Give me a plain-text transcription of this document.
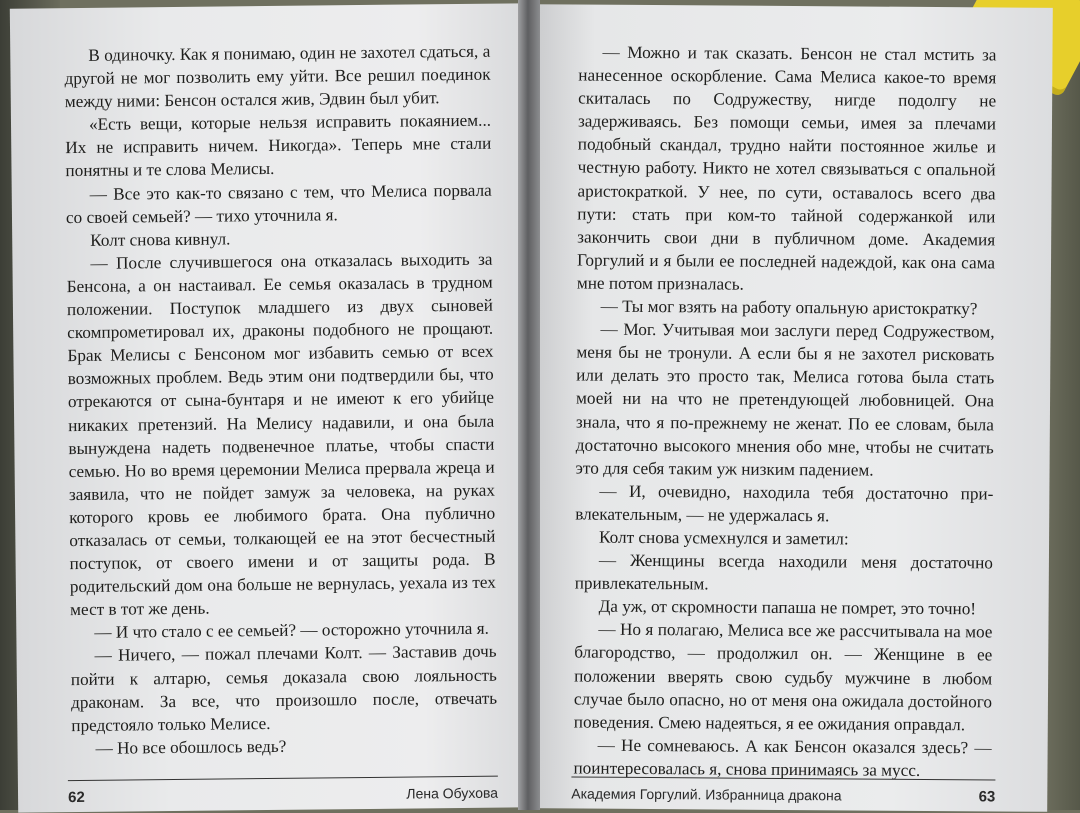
В одиночку. Как я понимаю, один не захотел сдаться, а другой не мог позволить ему уйти. Все решил поединок между ними: Бенсон остался жив, Эдвин был убит.

«Есть вещи, которые нельзя исправить покаянием... Их не исправить ничем. Никогда». Теперь мне стали понятны и те слова Мелисы.

— Все это как-то связано с тем, что Мелиса порвала со своей семьей? — тихо уточнила я.

Колт снова кивнул.

— После случившегося она отказалась выходить за Бенсона, а он настаивал. Ее семья оказалась в трудном положении. Поступок младшего из двух сыновей скомпрометировал их, драконы подобного не прощают. Брак Мелисы с Бенсоном мог избавить семью от всех возможных проблем. Ведь этим они подтвердили бы, что отрекаются от сына-бунтаря и не имеют к его убийце никаких претензий. На Мелису надавили, и она была вынуждена надеть подвенечное платье, чтобы спасти семью. Но во время церемонии Мелиса прервала жреца и заявила, что не пойдет замуж за человека, на руках которого кровь ее любимого брата. Она публично отказалась от семьи, толкающей ее на этот бесчестный поступок, от своего имени и от защиты рода. В родительский дом она больше не вернулась, уехала из тех мест в тот же день.

— И что стало с ее семьей? — осторожно уточнила я.

— Ничего, — пожал плечами Колт. — Заставив дочь пойти к алтарю, семья доказала свою лояльность драконам. За все, что произошло после, отвечать предстояло только Мелисе.

— Но все обошлось ведь?

62	Лена Обухова

— Можно и так сказать. Бенсон не стал мстить за нанесенное оскорбление. Сама Мелиса какое-то время скиталась по Содружеству, нигде подолгу не задерживаясь. Без помощи семьи, имея за плечами подобный скандал, трудно найти постоянное жилье и честную работу. Никто не хотел связываться с опальной аристократкой. У нее, по сути, оставалось всего два пути: стать при ком-то тайной содержанкой или закончить свои дни в публичном доме. Академия Горгулий и я были ее последней надеждой, как она сама мне потом призналась.

— Ты мог взять на работу опальную аристократку?

— Мог. Учитывая мои заслуги перед Содружеством, меня бы не тронули. А если бы я не захотел рисковать или делать это просто так, Мелиса готова была стать моей ни на что не претендующей любовницей. Она знала, что я по-прежнему не женат. По ее словам, была достаточно высокого мнения обо мне, чтобы не считать это для себя таким уж низким падением.

— И, очевидно, находила тебя достаточно привлекательным, — не удержалась я.

Колт снова усмехнулся и заметил:

— Женщины всегда находили меня достаточно привлекательным.

Да уж, от скромности папаша не помрет, это точно!

— Но я полагаю, Мелиса все же рассчитывала на мое благородство, — продолжил он. — Женщине в ее положении вверять свою судьбу мужчине в любом случае было опасно, но от меня она ожидала достойного поведения. Смею надеяться, я ее ожидания оправдал.

— Не сомневаюсь. А как Бенсон оказался здесь? — поинтересовалась я, снова принимаясь за мусс.

Академия Горгулий. Избранница дракона	63
